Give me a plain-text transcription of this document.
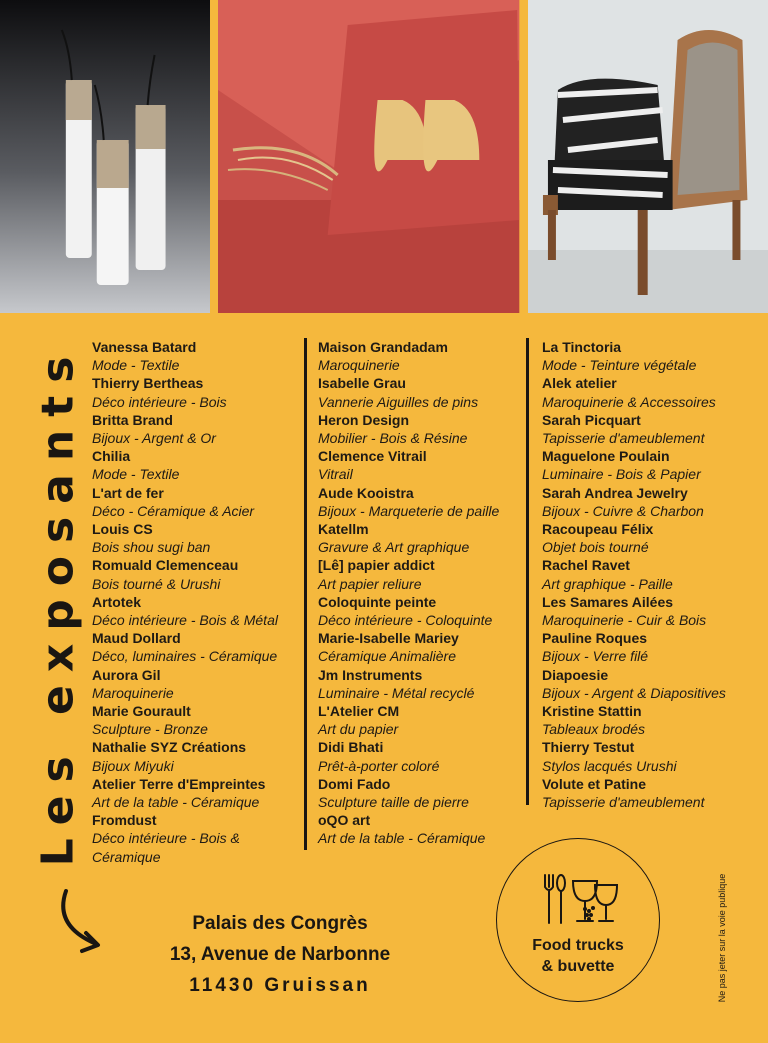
Les exposants Vanessa Batard
Mode - Textile
Thierry Bertheas
Déco intérieure - Bois
Britta Brand
Bijoux - Argent & Or
Chilia
Mode - Textile
L'art de fer
Déco - Céramique & Acier
Louis CS
Bois shou sugi ban
Romuald Clemenceau
Bois tourné & Urushi
Artotek
Déco intérieure - Bois & Métal
Maud Dollard
Déco, luminaires - Céramique
Aurora Gil
Maroquinerie
Marie Gourault
Sculpture - Bronze
Nathalie SYZ Créations
Bijoux Miyuki
Atelier Terre d'Empreintes
Art de la table - Céramique
Fromdust
Déco intérieure - Bois & Céramique
Maison Grandadam
Maroquinerie
Isabelle Grau
Vannerie Aiguilles de pins
Heron Design
Mobilier - Bois & Résine
Clemence Vitrail
Vitrail
Aude Kooistra
Bijoux - Marqueterie de paille
Katellm
Gravure & Art graphique
[Lê] papier addict
Art papier reliure
Coloquinte peinte
Déco intérieure - Coloquinte
Marie-Isabelle Mariey
Céramique Animalière
Jm Instruments
Luminaire - Métal recyclé
L'Atelier CM
Art du papier
Didi Bhati
Prêt-à-porter coloré
Domi Fado
Sculpture taille de pierre
oQO art
Art de la table - Céramique
La Tinctoria
Mode - Teinture végétale
Alek atelier
Maroquinerie & Accessoires
Sarah Picquart
Tapisserie d'ameublement
Maguelone Poulain
Luminaire - Bois & Papier
Sarah Andrea Jewelry
Bijoux - Cuivre & Charbon
Racoupeau Félix
Objet bois tourné
Rachel Ravet
Art graphique - Paille
Les Samares Ailées
Maroquinerie - Cuir & Bois
Pauline Roques
Bijoux - Verre filé
Diapoesie
Bijoux - Argent & Diapositives
Kristine Stattin
Tableaux brodés
Thierry Testut
Stylos lacqués Urushi
Volute et Patine
Tapisserie d'ameublement
Palais des Congrès
13, Avenue de Narbonne
11430 Gruissan
Food trucks
& buvette	Ne pas jeter sur la voie publique
